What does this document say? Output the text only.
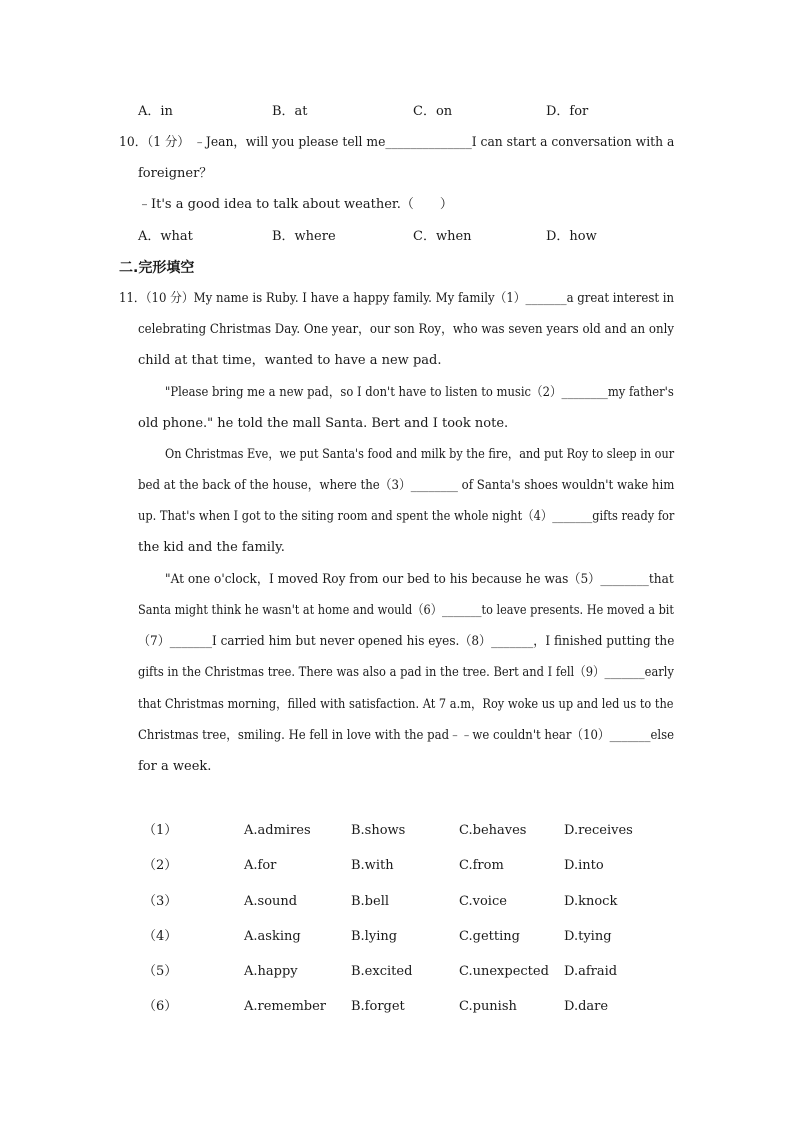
A．in	B．at	C．on	D．for
10．（1 分） ﹣Jean，will you please tell me______________I can start a conversation with a
foreigner？
﹣It's a good idea to talk about weather.（　　）
A．what	B．where	C．when	D．how
二.完形填空
11．（10 分）My name is Ruby. I have a happy family. My family（1）_______a great interest in
celebrating Christmas Day. One year，our son Roy，who was seven years old and an only
child at that time，wanted to have a new pad.
"Please bring me a new pad，so I don't have to listen to music（2）________my father's
old phone." he told the mall Santa. Bert and I took note.
On Christmas Eve，we put Santa's food and milk by the fire，and put Roy to sleep in our
bed at the back of the house，where the（3）________ of Santa's shoes wouldn't wake him
up. That's when I got to the siting room and spent the whole night（4）_______gifts ready for
the kid and the family.
"At one o'clock，I moved Roy from our bed to his because he was（5）________that
Santa might think he wasn't at home and would（6）_______to leave presents. He moved a bit
（7）_______I carried him but never opened his eyes.（8）_______，I finished putting the
gifts in the Christmas tree. There was also a pad in the tree. Bert and I fell（9）_______early
that Christmas morning，filled with satisfaction. At 7 a.m，Roy woke us up and led us to the
Christmas tree，smiling. He fell in love with the pad﹣﹣we couldn't hear（10）_______else
for a week.
（1）	A.admires	B.shows	C.behaves	D.receives
（2）	A.for	B.with	C.from	D.into
（3）	A.sound	B.bell	C.voice	D.knock
（4）	A.asking	B.lying	C.getting	D.tying
（5）	A.happy	B.excited	C.unexpected D.afraid
（6）	A.remember B.forget	C.punish	D.dare
